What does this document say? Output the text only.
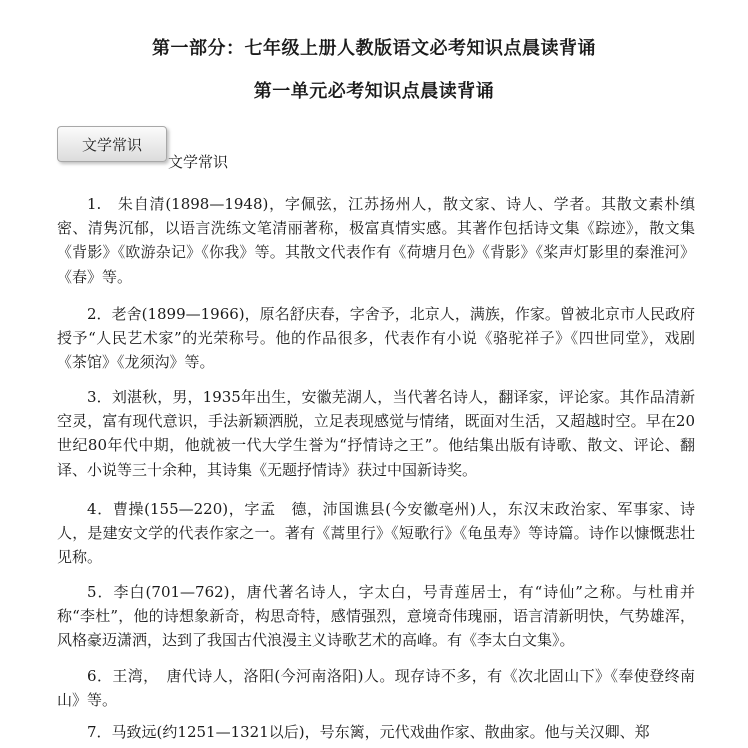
第一部分：七年级上册人教版语文必考知识点晨读背诵
第一单元必考知识点晨读背诵
文学常识
文学常识
1.　朱自清(1898—1948)，字佩弦，江苏扬州人，散文家、诗人、学者。其散文素朴缜密、清隽沉郁，以语言洗练文笔清丽著称，极富真情实感。其著作包括诗文集《踪迹》，散文集《背影》《欧游杂记》《你我》等。其散文代表作有《荷塘月色》《背影》《桨声灯影里的秦淮河》《春》等。
2．老舍(1899—1966)，原名舒庆春，字舍予，北京人，满族，作家。曾被北京市人民政府授予“人民艺术家”的光荣称号。他的作品很多，代表作有小说《骆驼祥子》《四世同堂》，戏剧《茶馆》《龙须沟》等。
3．刘湛秋，男，1935年出生，安徽芜湖人，当代著名诗人，翻译家，评论家。其作品清新空灵，富有现代意识，手法新颖洒脱，立足表现感觉与情绪，既面对生活，又超越时空。早在20世纪80年代中期，他就被一代大学生誉为“抒情诗之王”。他结集出版有诗歌、散文、评论、翻译、小说等三十余种，其诗集《无题抒情诗》获过中国新诗奖。
4．曹操(155—220)，字孟　德，沛国谯县(今安徽亳州)人，东汉末政治家、军事家、诗人，是建安文学的代表作家之一。著有《蒿里行》《短歌行》《龟虽寿》等诗篇。诗作以慷慨悲壮见称。
5．李白(701—762)，唐代著名诗人，字太白，号青莲居士，有“诗仙”之称。与杜甫并称“李杜”，他的诗想象新奇，构思奇特，感情强烈，意境奇伟瑰丽，语言清新明快，气势雄浑，风格豪迈潇洒，达到了我国古代浪漫主义诗歌艺术的高峰。有《李太白文集》。
6．王湾，　唐代诗人，洛阳(今河南洛阳)人。现存诗不多，有《次北固山下》《奉使登终南山》等。
7．马致远(约1251—1321以后)，号东篱，元代戏曲作家、散曲家。他与关汉卿、郑
